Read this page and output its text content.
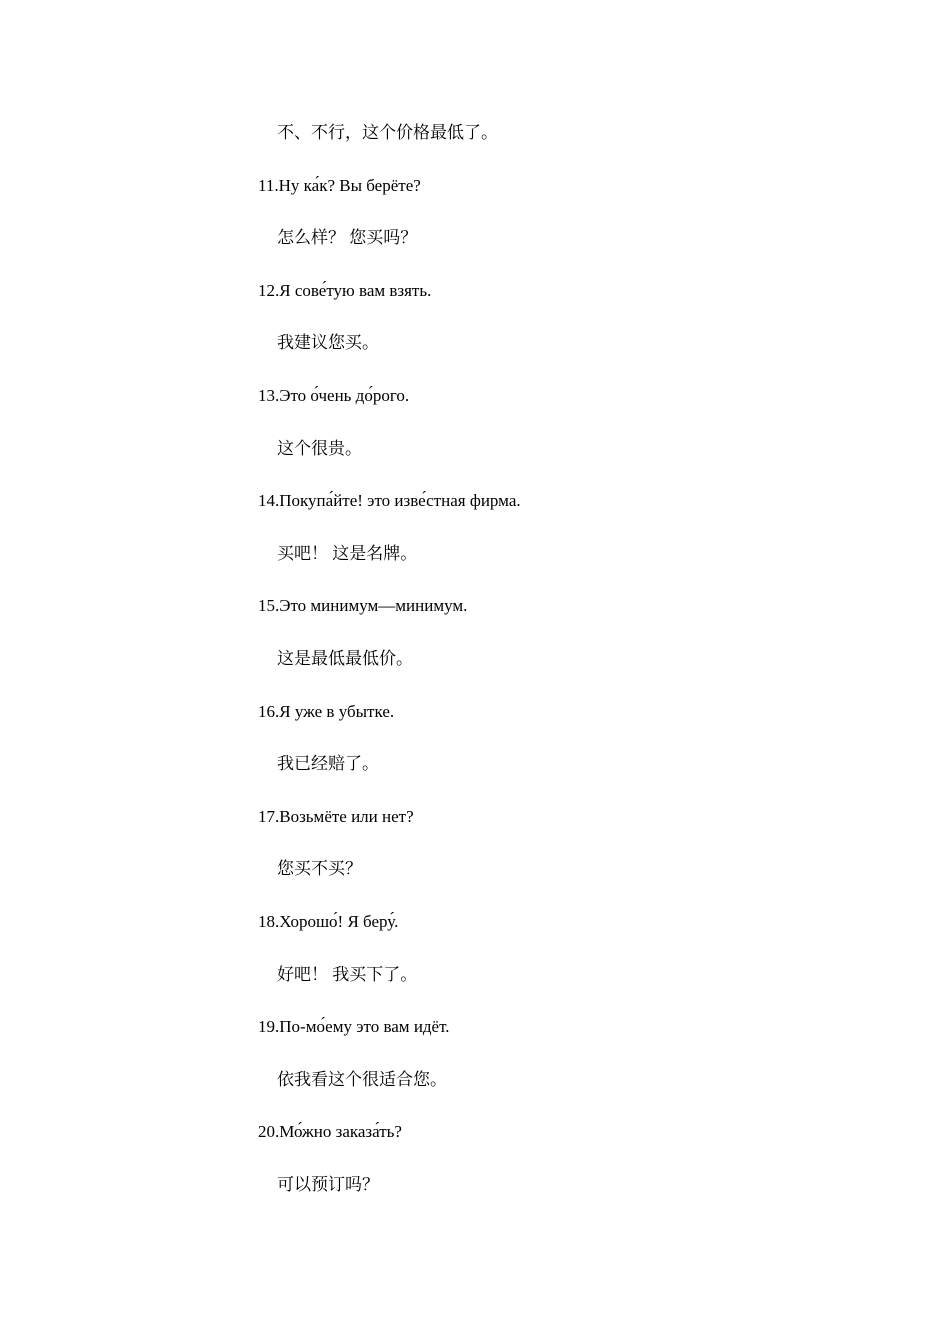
不、不行，这个价格最低了。
11.Ну ка́к? Вы берёте?
怎么样？ 您买吗？
12.Я сове́тую вам взять.
我建议您买。
13.Это о́чень до́рого.
这个很贵。
14.Покупа́йте! это изве́стная фирма.
买吧！ 这是名牌。
15.Это минимум—минимум.
这是最低最低价。
16.Я уже в убытке.
我已经赔了。
17.Возьмёте или нет?
您买不买？
18.Хорошо́! Я беру́.
好吧！ 我买下了。
19.По-мо́ему это вам идёт.
依我看这个很适合您。
20.Мо́жно заказа́ть?
可以预订吗？
